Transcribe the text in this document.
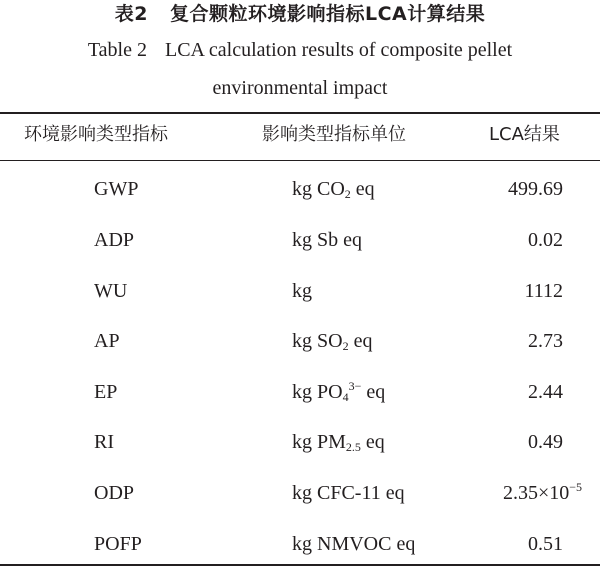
表2 复合颗粒环境影响指标LCA计算结果
Table 2 LCA calculation results of composite pellet
environmental impact
环境影响类型指标	影响类型指标单位	LCA结果
GWP	kg $CO_2$ eq	499.69
ADP	kg Sb eq	0.02
WU	kg	1112
AP	kg $SO_2$ eq	2.73
EP	kg $PO_4^{3-}$ eq	2.44
RI	kg $PM_{2.5}$ eq	0.49
ODP	kg CFC-11 eq	$2.35\times 10^{-5}$
POFP	kg NMVOC eq	0.51
